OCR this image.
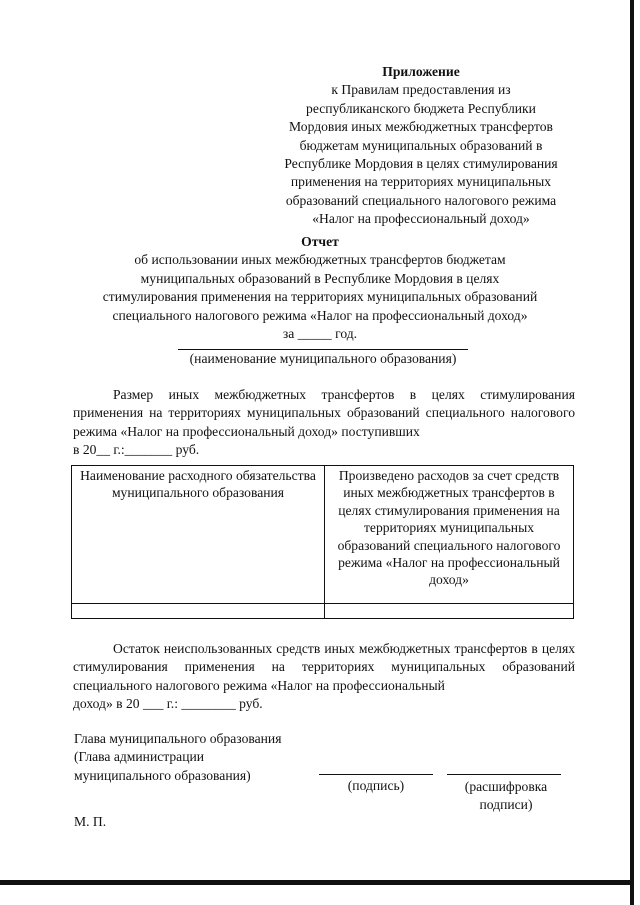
Приложение
к Правилам предоставления из
республиканского бюджета Республики
Мордовия иных межбюджетных трансфертов
бюджетам муниципальных образований в
Республике Мордовия в целях стимулирования
применения на территориях муниципальных
образований специального налогового режима
«Налог на профессиональный доход»
Отчет
об использовании иных межбюджетных трансфертов бюджетам
муниципальных образований в Республике Мордовия в целях
стимулирования применения на территориях муниципальных образований
специального налогового режима «Налог на профессиональный доход»
за _____ год.
(наименование муниципального образования)
Размер иных межбюджетных трансфертов в целях стимулирования применения на территориях муниципальных образований специального налогового режима «Налог на профессиональный доход» поступивших
в 20__ г.:_______ руб.
Наименование расходного обязательства муниципального образования	Произведено расходов за счет средств иных межбюджетных трансфертов в целях стимулирования применения на территориях муниципальных образований специального налогового режима «Налог на профессиональный доход»

Остаток неиспользованных средств иных межбюджетных трансфертов в целях стимулирования применения на территориях муниципальных образований специального налогового режима «Налог на профессиональный
доход» в 20 ___ г.: ________ руб.
Глава муниципального образования
(Глава администрации
муниципального образования)
(подпись)	(расшифровка
подписи)
М. П.
